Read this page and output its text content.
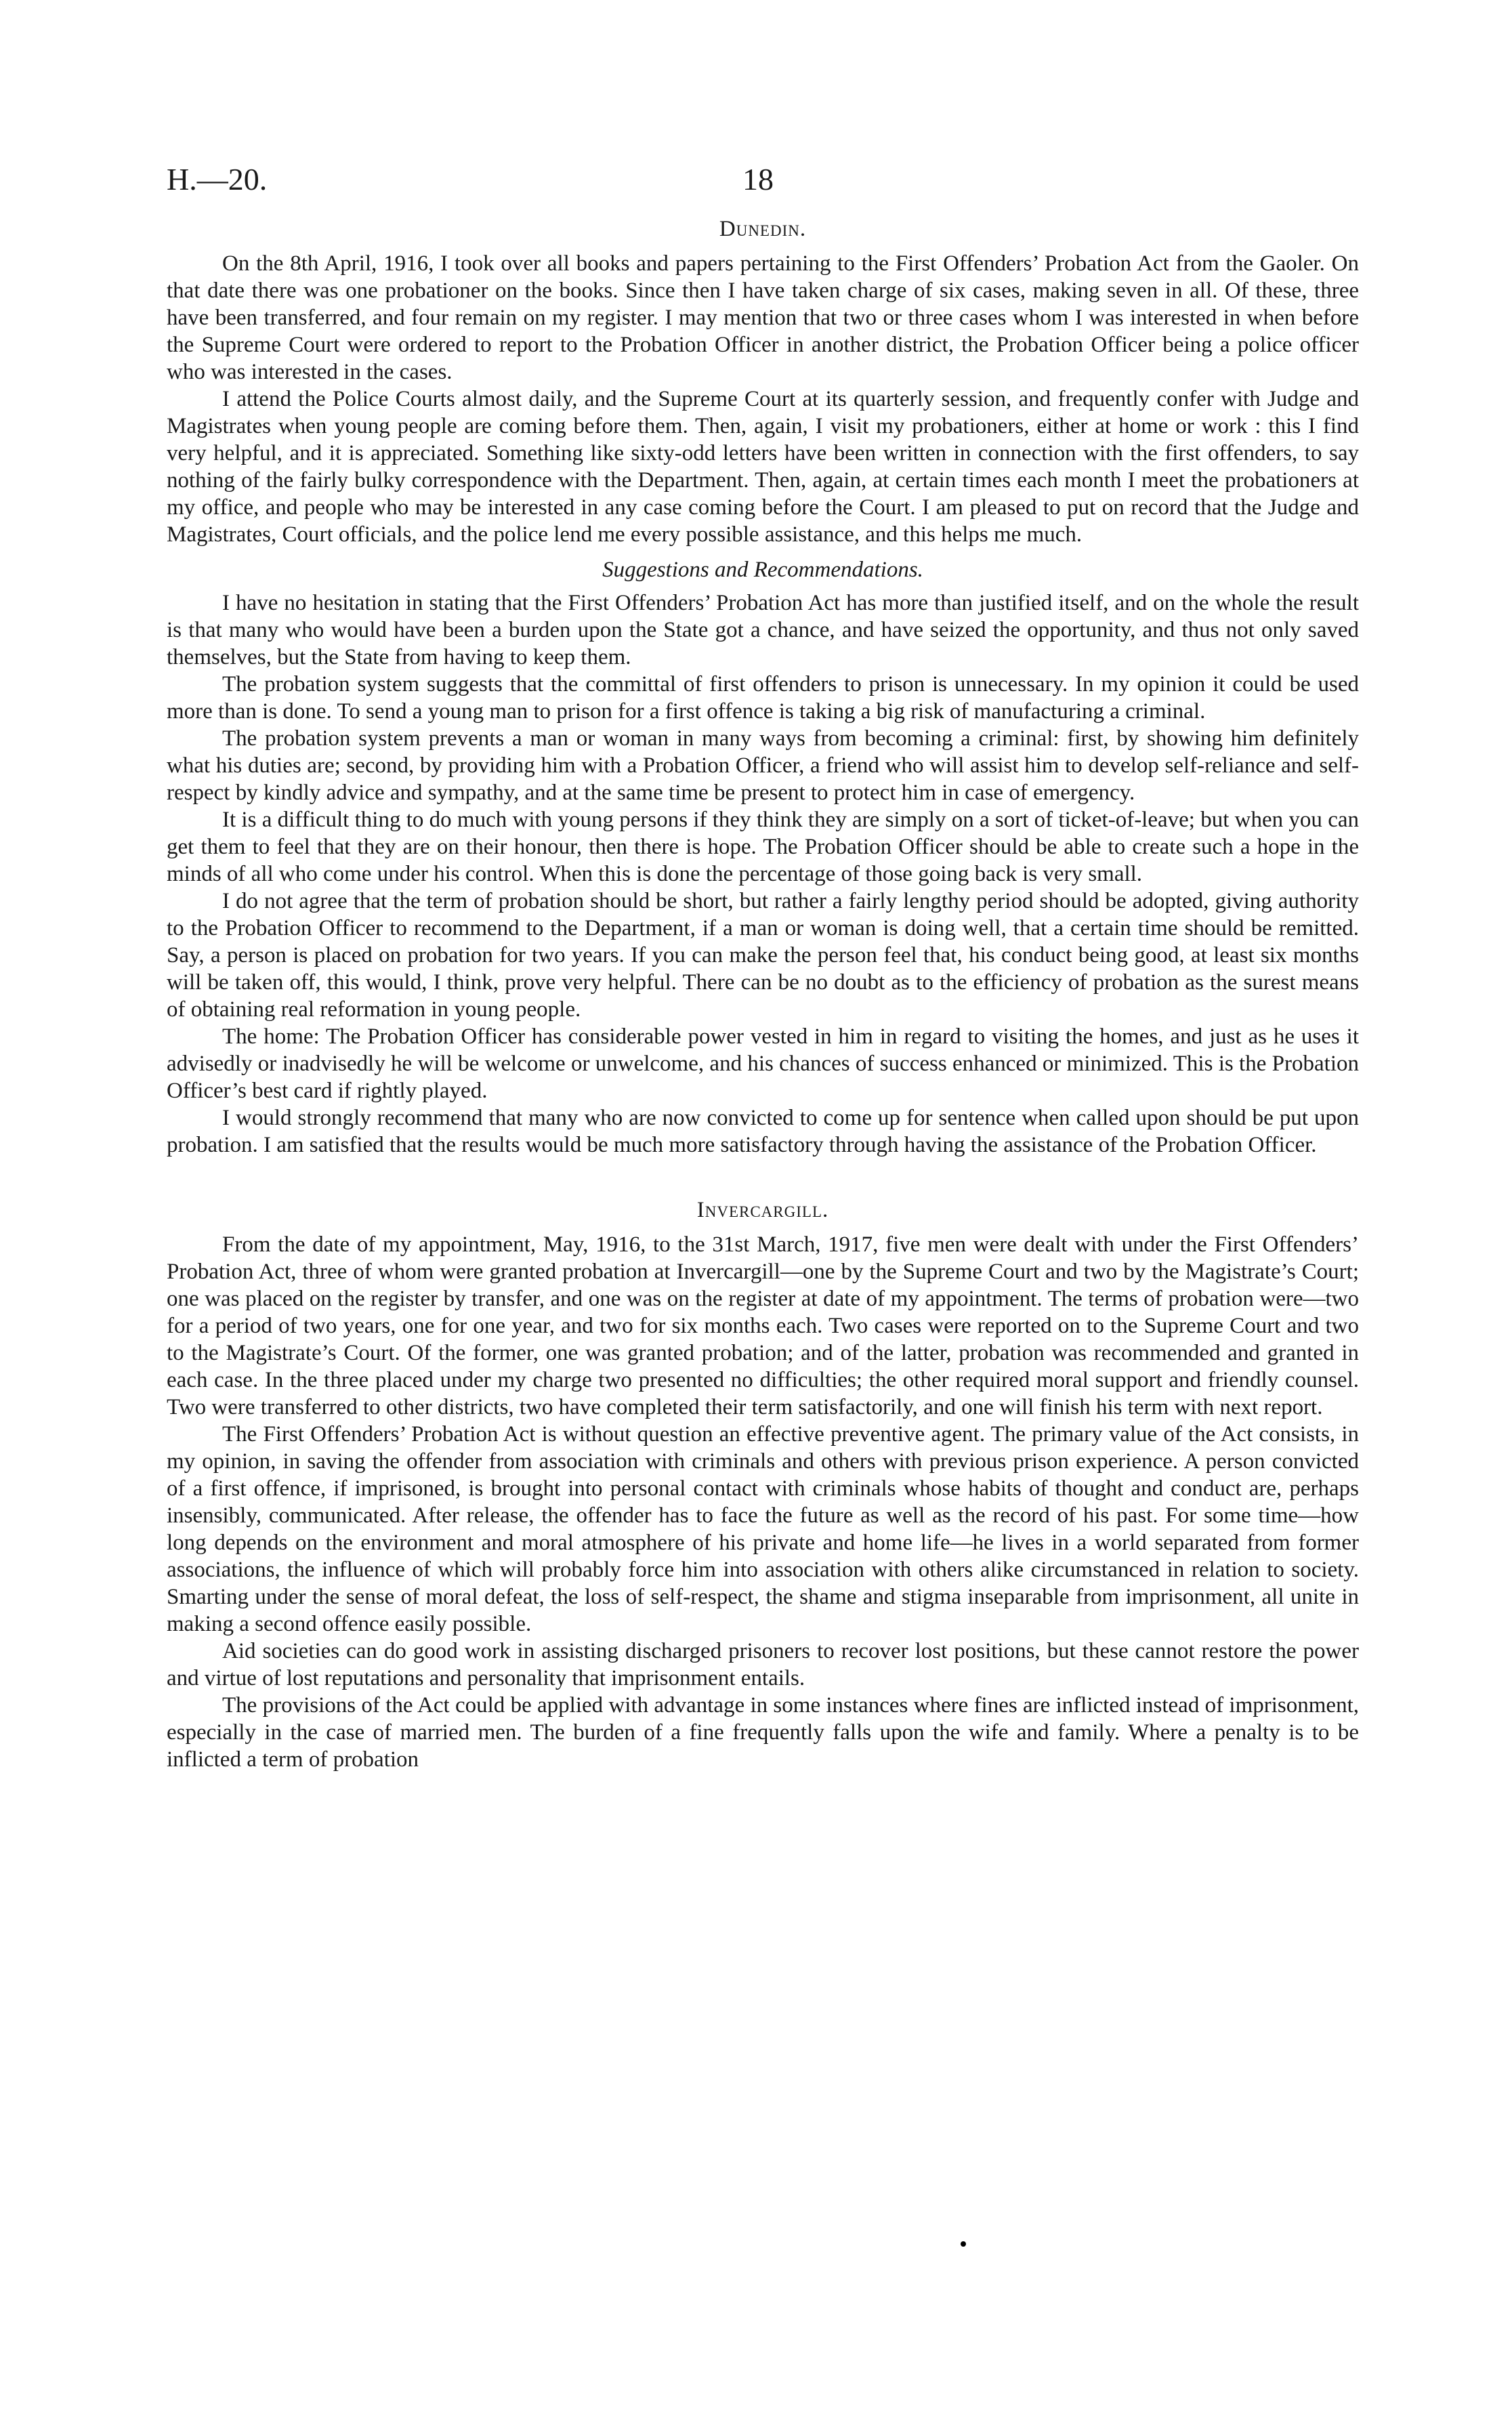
H.—20.	18
Dunedin.

On the 8th April, 1916, I took over all books and papers pertaining to the First Offenders’ Probation Act from the Gaoler. On that date there was one probationer on the books. Since then I have taken charge of six cases, making seven in all. Of these, three have been transferred, and four remain on my register. I may mention that two or three cases whom I was interested in when before the Supreme Court were ordered to report to the Probation Officer in another district, the Probation Officer being a police officer who was interested in the cases.

I attend the Police Courts almost daily, and the Supreme Court at its quarterly session, and frequently confer with Judge and Magistrates when young people are coming before them. Then, again, I visit my probationers, either at home or work : this I find very helpful, and it is appreciated. Something like sixty-odd letters have been written in connection with the first offenders, to say nothing of the fairly bulky correspondence with the Department. Then, again, at certain times each month I meet the probationers at my office, and people who may be interested in any case coming before the Court. I am pleased to put on record that the Judge and Magistrates, Court officials, and the police lend me every possible assistance, and this helps me much.

Suggestions and Recommendations.

I have no hesitation in stating that the First Offenders’ Probation Act has more than justified itself, and on the whole the result is that many who would have been a burden upon the State got a chance, and have seized the opportunity, and thus not only saved themselves, but the State from having to keep them.

The probation system suggests that the committal of first offenders to prison is unnecessary. In my opinion it could be used more than is done. To send a young man to prison for a first offence is taking a big risk of manufacturing a criminal.

The probation system prevents a man or woman in many ways from becoming a criminal: first, by showing him definitely what his duties are; second, by providing him with a Probation Officer, a friend who will assist him to develop self-reliance and self-respect by kindly advice and sympathy, and at the same time be present to protect him in case of emergency.

It is a difficult thing to do much with young persons if they think they are simply on a sort of ticket-of-leave; but when you can get them to feel that they are on their honour, then there is hope. The Probation Officer should be able to create such a hope in the minds of all who come under his control. When this is done the percentage of those going back is very small.

I do not agree that the term of probation should be short, but rather a fairly lengthy period should be adopted, giving authority to the Probation Officer to recommend to the Department, if a man or woman is doing well, that a certain time should be remitted. Say, a person is placed on probation for two years. If you can make the person feel that, his conduct being good, at least six months will be taken off, this would, I think, prove very helpful. There can be no doubt as to the efficiency of probation as the surest means of obtaining real reformation in young people.

The home: The Probation Officer has considerable power vested in him in regard to visiting the homes, and just as he uses it advisedly or inadvisedly he will be welcome or unwelcome, and his chances of success enhanced or minimized. This is the Probation Officer’s best card if rightly played.

I would strongly recommend that many who are now convicted to come up for sentence when called upon should be put upon probation. I am satisfied that the results would be much more satisfactory through having the assistance of the Probation Officer.

Invercargill.

From the date of my appointment, May, 1916, to the 31st March, 1917, five men were dealt with under the First Offenders’ Probation Act, three of whom were granted probation at Invercargill—one by the Supreme Court and two by the Magistrate’s Court; one was placed on the register by transfer, and one was on the register at date of my appointment. The terms of probation were—two for a period of two years, one for one year, and two for six months each. Two cases were reported on to the Supreme Court and two to the Magistrate’s Court. Of the former, one was granted probation; and of the latter, probation was recommended and granted in each case. In the three placed under my charge two presented no difficulties; the other required moral support and friendly counsel. Two were transferred to other districts, two have completed their term satisfactorily, and one will finish his term with next report.

The First Offenders’ Probation Act is without question an effective preventive agent. The primary value of the Act consists, in my opinion, in saving the offender from association with criminals and others with previous prison experience. A person convicted of a first offence, if imprisoned, is brought into personal contact with criminals whose habits of thought and conduct are, perhaps insensibly, communicated. After release, the offender has to face the future as well as the record of his past. For some time—how long depends on the environment and moral atmosphere of his private and home life—he lives in a world separated from former associations, the influence of which will probably force him into association with others alike circumstanced in relation to society. Smarting under the sense of moral defeat, the loss of self-respect, the shame and stigma inseparable from imprisonment, all unite in making a second offence easily possible.

Aid societies can do good work in assisting discharged prisoners to recover lost positions, but these cannot restore the power and virtue of lost reputations and personality that imprisonment entails.

The provisions of the Act could be applied with advantage in some instances where fines are inflicted instead of imprisonment, especially in the case of married men. The burden of a fine frequently falls upon the wife and family. Where a penalty is to be inflicted a term of probation
